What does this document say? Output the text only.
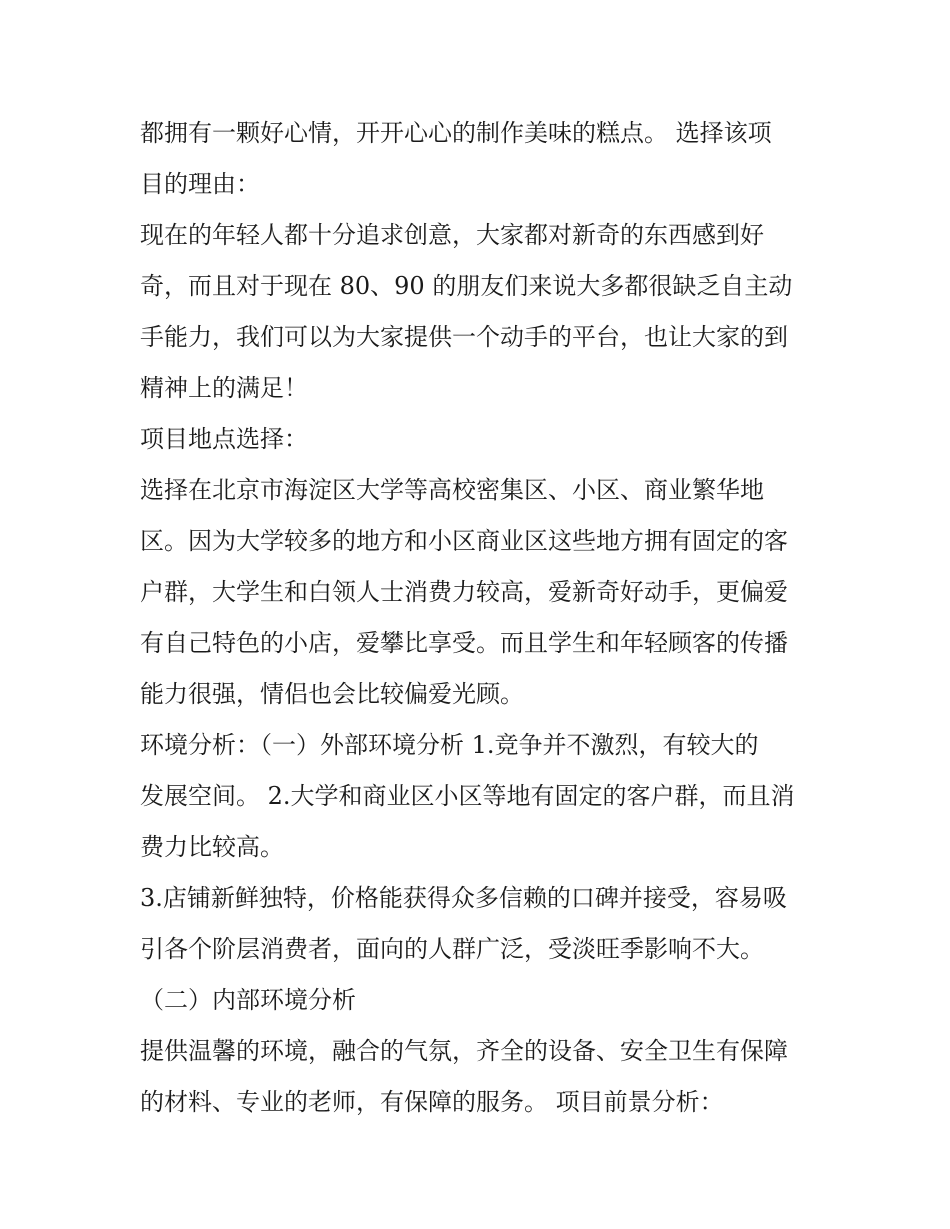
都拥有一颗好心情，开开心心的制作美味的糕点。 选择该项
目的理由：
现在的年轻人都十分追求创意，大家都对新奇的东西感到好
奇，而且对于现在 80、90 的朋友们来说大多都很缺乏自主动
手能力，我们可以为大家提供一个动手的平台，也让大家的到
精神上的满足！
项目地点选择：
选择在北京市海淀区大学等高校密集区、小区、商业繁华地
区。因为大学较多的地方和小区商业区这些地方拥有固定的客
户群，大学生和白领人士消费力较高，爱新奇好动手，更偏爱
有自己特色的小店，爱攀比享受。而且学生和年轻顾客的传播
能力很强，情侣也会比较偏爱光顾。
环境分析：（一）外部环境分析 1.竞争并不激烈，有较大的
发展空间。 2.大学和商业区小区等地有固定的客户群，而且消
费力比较高。
3.店铺新鲜独特，价格能获得众多信赖的口碑并接受，容易吸
引各个阶层消费者，面向的人群广泛，受淡旺季影响不大。
（二）内部环境分析
提供温馨的环境，融合的气氛，齐全的设备、安全卫生有保障
的材料、专业的老师，有保障的服务。 项目前景分析：
